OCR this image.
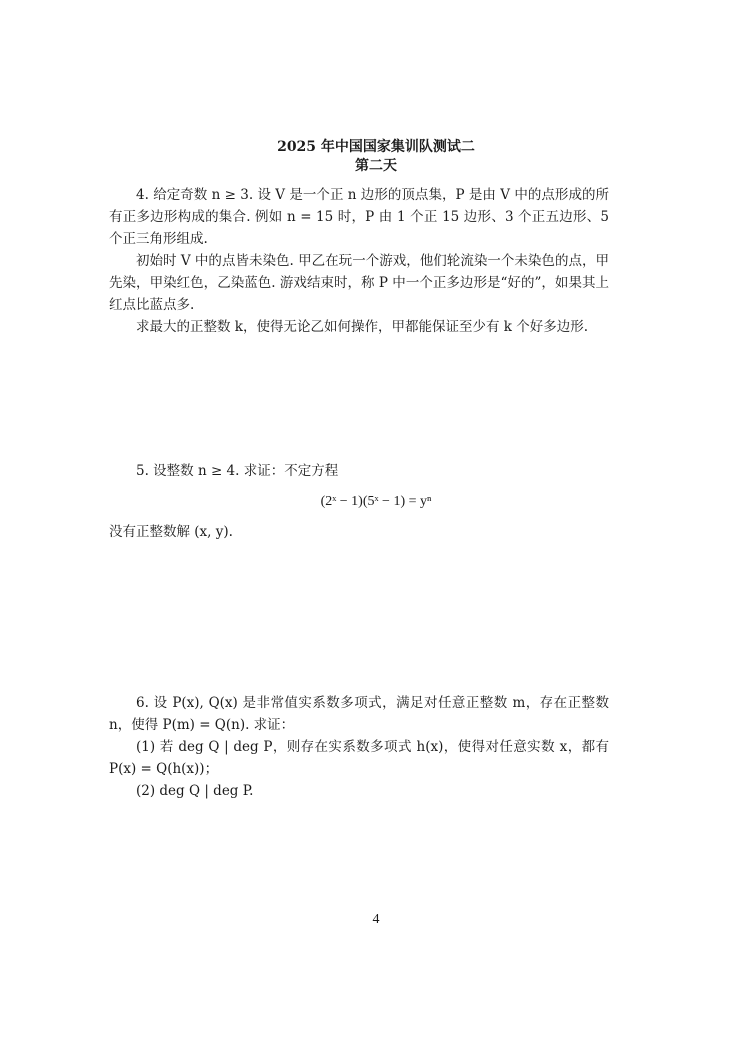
2025 年中国国家集训队测试二
第二天

4. 给定奇数 n ≥ 3. 设 V 是一个正 n 边形的顶点集，P 是由 V 中的点形成的所有正多边形构成的集合. 例如 n = 15 时，P 由 1 个正 15 边形、3 个正五边形、5 个正三角形组成.

初始时 V 中的点皆未染色. 甲乙在玩一个游戏，他们轮流染一个未染色的点，甲先染，甲染红色，乙染蓝色. 游戏结束时，称 P 中一个正多边形是“好的”，如果其上红点比蓝点多.

求最大的正整数 k，使得无论乙如何操作，甲都能保证至少有 k 个好多边形.

5. 设整数 n ≥ 4. 求证：不定方程

(2ˣ − 1)(5ˣ − 1) = yⁿ
没有正整数解 (x, y).

6. 设 P(x), Q(x) 是非常值实系数多项式，满足对任意正整数 m，存在正整数 n，使得 P(m) = Q(n). 求证：

(1) 若 deg Q | deg P，则存在实系数多项式 h(x)，使得对任意实数 x，都有 P(x) = Q(h(x))；

(2) deg Q | deg P.

4
